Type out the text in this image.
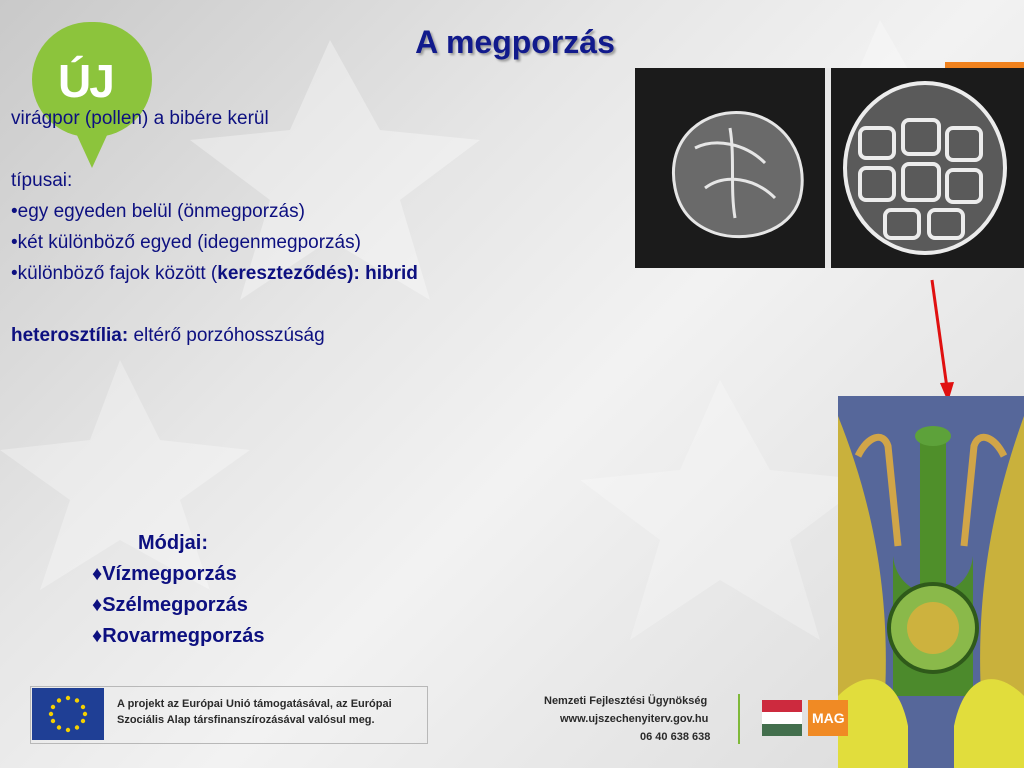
ÚJ
A megporzás

virágpor (pollen) a bibére kerül

típusai:

•egy egyeden belül (önmegporzás)

•két különböző egyed (idegenmegporzás)

•különböző fajok között (kereszteződés): hibrid

heterosztília: eltérő porzóhosszúság

Módjai:
♦Vízmegporzás
♦Szélmegporzás
♦Rovarmegporzás
A projekt az Európai Unió támogatásával, az Európai
Szociális Alap társfinanszírozásával valósul meg.
Nemzeti Fejlesztési Ügynökség
www.ujszechenyiterv.gov.hu
06 40 638 638
MAG
